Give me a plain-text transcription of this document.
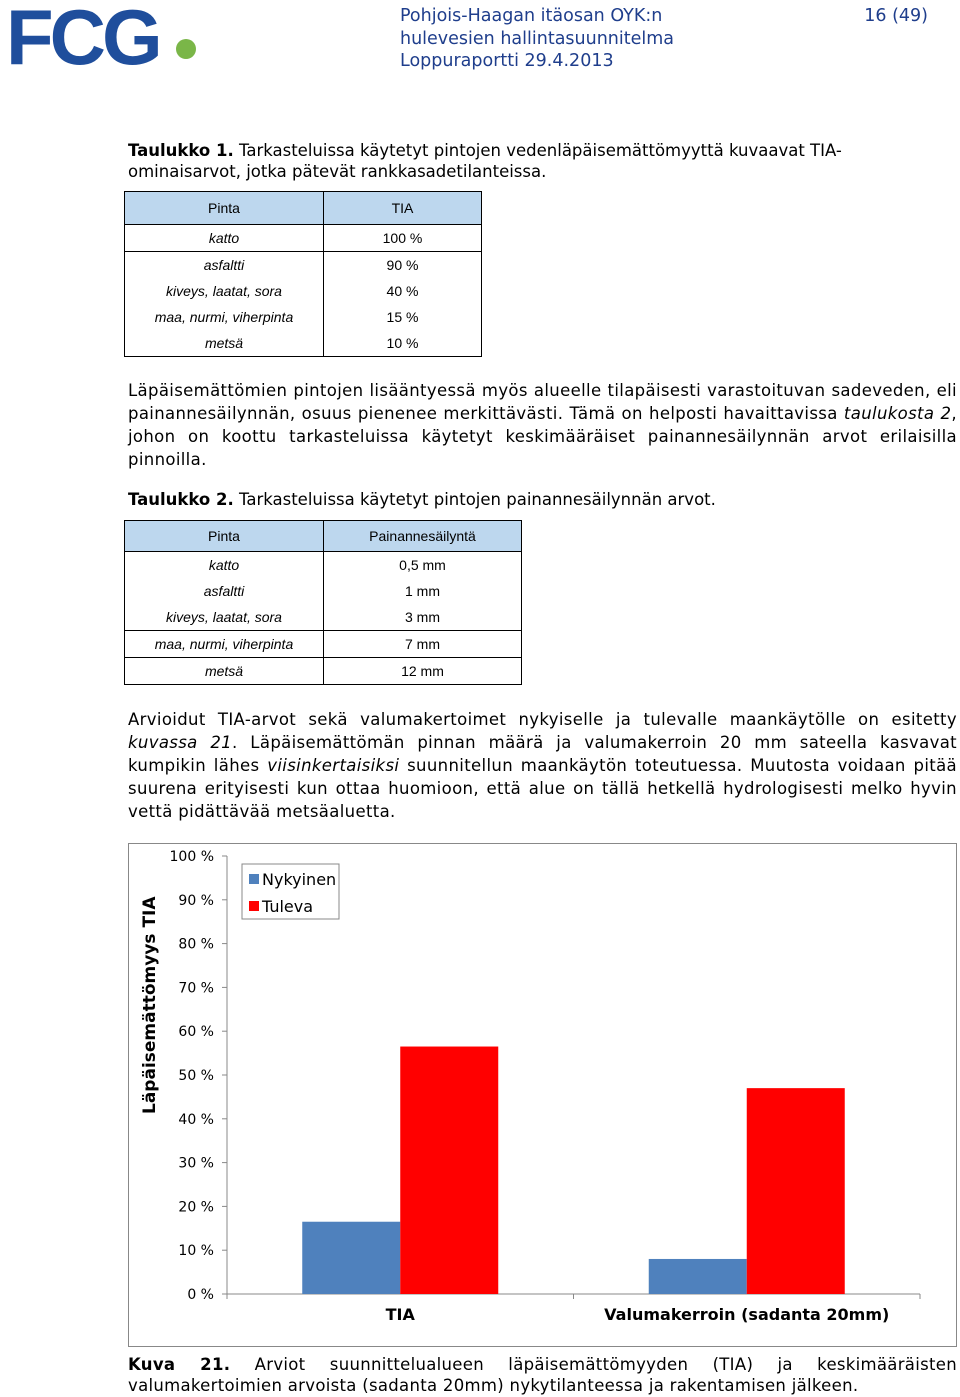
FCG	Pohjois-Haagan itäosan OYK:n
hulevesien hallintasuunnitelma
Loppuraportti 29.4.2013
16 (49)
Taulukko 1. Tarkasteluissa käytetyt pintojen vedenläpäisemättömyyttä kuvaavat TIA-ominaisarvot, jotka pätevät rankkasadetilanteissa.
Pinta	TIA
katto	100 %
asfaltti	90 %
kiveys, laatat, sora	40 %
maa, nurmi, viherpinta	15 %
metsä	10 %
Läpäisemättömien pintojen lisääntyessä myös alueelle tilapäisesti varastoituvan sadeveden, eli painannesäilynnän, osuus pienenee merkittävästi. Tämä on helposti havaittavissa taulukosta 2, johon on koottu tarkasteluissa käytetyt keskimääräiset painannesäilynnän arvot erilaisilla pinnoilla.
Taulukko 2. Tarkasteluissa käytetyt pintojen painannesäilynnän arvot.
Pinta	Painannesäilyntä
katto	0,5 mm
asfaltti	1 mm
kiveys, laatat, sora	3 mm
maa, nurmi, viherpinta	7 mm
metsä	12 mm
Arvioidut TIA-arvot sekä valumakertoimet nykyiselle ja tulevalle maankäytölle on esitetty kuvassa 21. Läpäisemättömän pinnan määrä ja valumakerroin 20 mm sateella kasvavat kumpikin lähes viisinkertaisiksi suunnitellun maankäytön toteutuessa. Muutosta voidaan pitää suurena erityisesti kun ottaa huomioon, että alue on tällä hetkellä hydrologisesti melko hyvin vettä pidättävää metsäaluetta.
0 %
10 %
20 %
30 %
40 %
50 %
60 %
70 %
80 %
90 %
100 %
TIA	Valumakerroin (sadanta 20mm)
Nykyinen
Tuleva
Läpäisemättömyys TIA
Kuva 21. Arviot suunnittelualueen läpäisemättömyyden (TIA) ja keskimääräisten valumakertoimien arvoista (sadanta 20mm) nykytilanteessa ja rakentamisen jälkeen.
